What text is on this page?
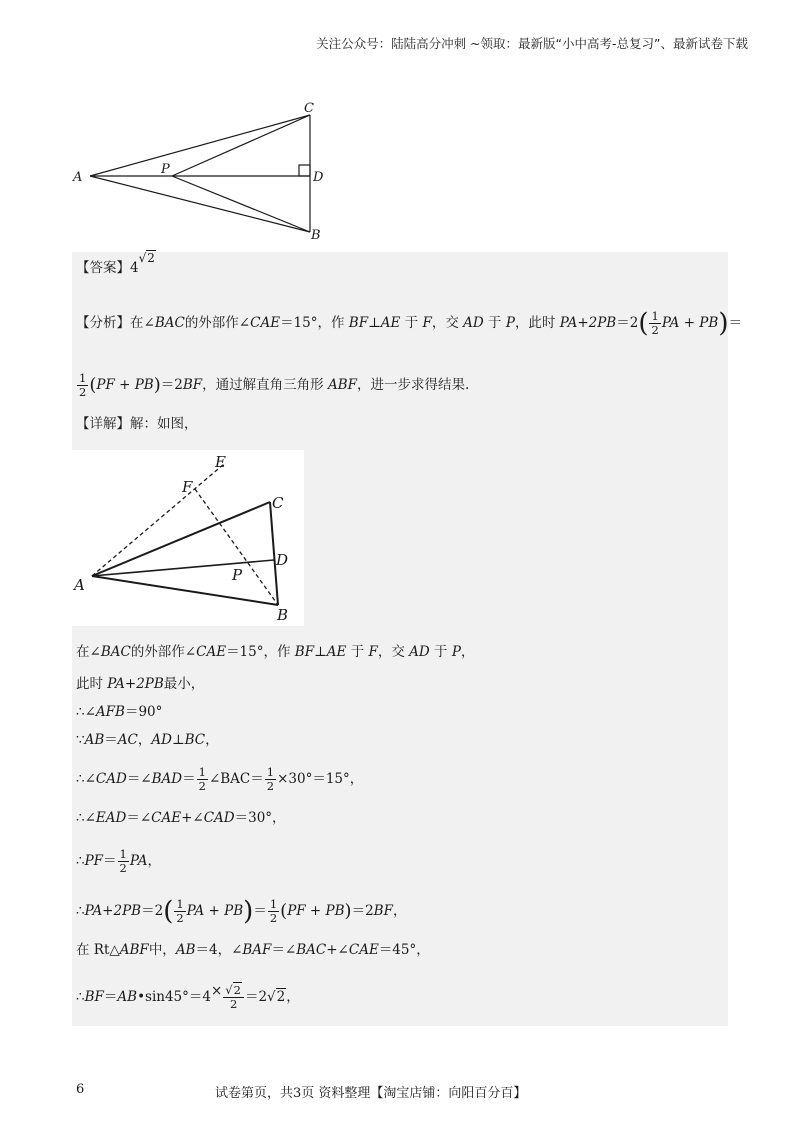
关注公众号：陆陆高分冲刺 ~领取：最新版“小中高考-总复习”、最新试卷下载
A
P
C
D
B
【答案】4√2
【分析】在∠BAC的外部作∠CAE＝15°，作 BF⊥AE 于 F，交 AD 于 P，此时 $PA+2PB=2( \frac{1}{2}$ PA + PB)＝
$\frac{1}{2} (PF + PB)=2BF$，通过解直角三角形 ABF，进一步求得结果.
【详解】解：如图，
E
F
C
D
A
P
B
在∠BAC的外部作∠CAE＝15°，作 BF⊥AE 于 F，交 AD 于 P，
此时 PA+2PB最小，
∴∠AFB＝90°
∵AB＝AC，AD⊥BC，
∴∠CAD＝∠BAD＝ $\frac{1}{2}$ ∠BAC＝ $\frac{1}{2} \times 30^\circ=15^\circ$，
∴∠EAD＝∠CAE+∠CAD＝30°，
∴PF＝ $\frac{1}{2}$ PA，
∴PA+2PB＝2( $\frac{1}{2}$ PA + $PB)= \frac{1}{2} (PF + PB)=2BF$，
在 Rt△ABF中，AB＝4，∠BAF＝∠BAC+∠CAE＝45°，
∴BF＝AB•sin45°＝4× $\frac{√2}{2} =2√2$，
6	试卷第页，共3页 资料整理【淘宝店铺：向阳百分百】
